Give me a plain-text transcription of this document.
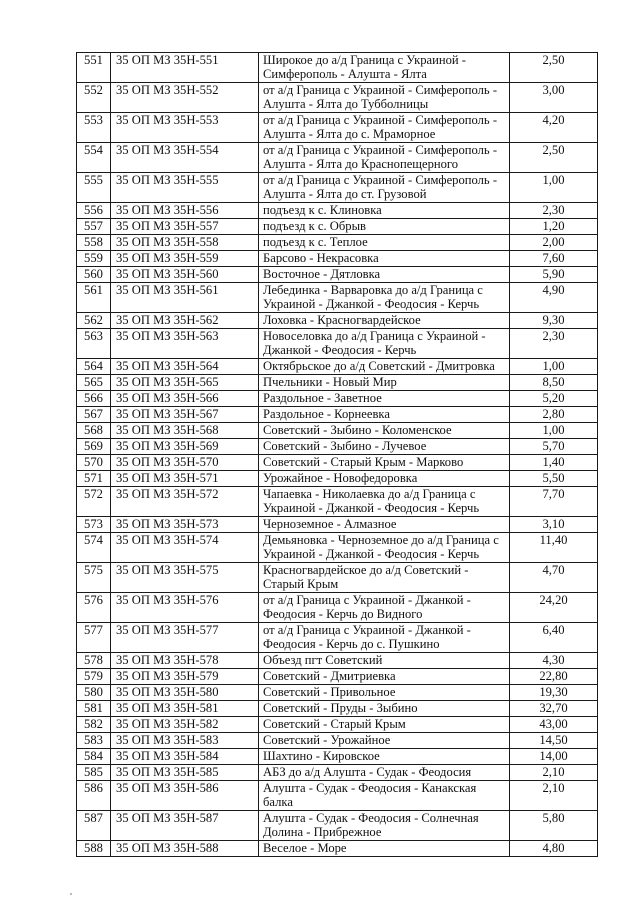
551	35 ОП МЗ 35Н-551	Широкое до а/д Граница с Украиной - Симферополь - Алушта - Ялта	2,50
552	35 ОП МЗ 35Н-552	от а/д Граница с Украиной - Симферополь - Алушта - Ялта до Тубболницы	3,00
553	35 ОП МЗ 35Н-553	от а/д Граница с Украиной - Симферополь - Алушта - Ялта до с. Мраморное	4,20
554	35 ОП МЗ 35Н-554	от а/д Граница с Украиной - Симферополь - Алушта - Ялта до Краснопещерного	2,50
555	35 ОП МЗ 35Н-555	от а/д Граница с Украиной - Симферополь - Алушта - Ялта до ст. Грузовой	1,00
556	35 ОП МЗ 35Н-556	подъезд к с. Клиновка	2,30
557	35 ОП МЗ 35Н-557	подъезд к с. Обрыв	1,20
558	35 ОП МЗ 35Н-558	подъезд к с. Теплое	2,00
559	35 ОП МЗ 35Н-559	Барсово - Некрасовка	7,60
560	35 ОП МЗ 35Н-560	Восточное - Дятловка	5,90
561	35 ОП МЗ 35Н-561	Лебединка - Варваровка до а/д Граница с Украиной - Джанкой - Феодосия - Керчь	4,90
562	35 ОП МЗ 35Н-562	Лоховка - Красногвардейское	9,30
563	35 ОП МЗ 35Н-563	Новоселовка до а/д Граница с Украиной - Джанкой - Феодосия - Керчь	2,30
564	35 ОП МЗ 35Н-564	Октябрьское до а/д Советский - Дмитровка	1,00
565	35 ОП МЗ 35Н-565	Пчельники - Новый Мир	8,50
566	35 ОП МЗ 35Н-566	Раздольное - Заветное	5,20
567	35 ОП МЗ 35Н-567	Раздольное - Корнеевка	2,80
568	35 ОП МЗ 35Н-568	Советский - Зыбино - Коломенское	1,00
569	35 ОП МЗ 35Н-569	Советский - Зыбино - Лучевое	5,70
570	35 ОП МЗ 35Н-570	Советский - Старый Крым - Марково	1,40
571	35 ОП МЗ 35Н-571	Урожайное - Новофедоровка	5,50
572	35 ОП МЗ 35Н-572	Чапаевка - Николаевка до а/д Граница с Украиной - Джанкой - Феодосия - Керчь	7,70
573	35 ОП МЗ 35Н-573	Черноземное - Алмазное	3,10
574	35 ОП МЗ 35Н-574	Демьяновка - Черноземное до а/д Граница с Украиной - Джанкой - Феодосия - Керчь	11,40
575	35 ОП МЗ 35Н-575	Красногвардейское до а/д Советский - Старый Крым	4,70
576	35 ОП МЗ 35Н-576	от а/д Граница с Украиной - Джанкой - Феодосия - Керчь до Видного	24,20
577	35 ОП МЗ 35Н-577	от а/д Граница с Украиной - Джанкой - Феодосия - Керчь до с. Пушкино	6,40
578	35 ОП МЗ 35Н-578	Объезд пгт Советский	4,30
579	35 ОП МЗ 35Н-579	Советский - Дмитриевка	22,80
580	35 ОП МЗ 35Н-580	Советский - Привольное	19,30
581	35 ОП МЗ 35Н-581	Советский - Пруды - Зыбино	32,70
582	35 ОП МЗ 35Н-582	Советский - Старый Крым	43,00
583	35 ОП МЗ 35Н-583	Советский - Урожайное	14,50
584	35 ОП МЗ 35Н-584	Шахтино - Кировское	14,00
585	35 ОП МЗ 35Н-585	АБЗ до а/д Алушта - Судак - Феодосия	2,10
586	35 ОП МЗ 35Н-586	Алушта - Судак - Феодосия - Канакская балка	2,10
587	35 ОП МЗ 35Н-587	Алушта - Судак - Феодосия - Солнечная Долина - Прибрежное	5,80
588	35 ОП МЗ 35Н-588	Веселое - Море	4,80
